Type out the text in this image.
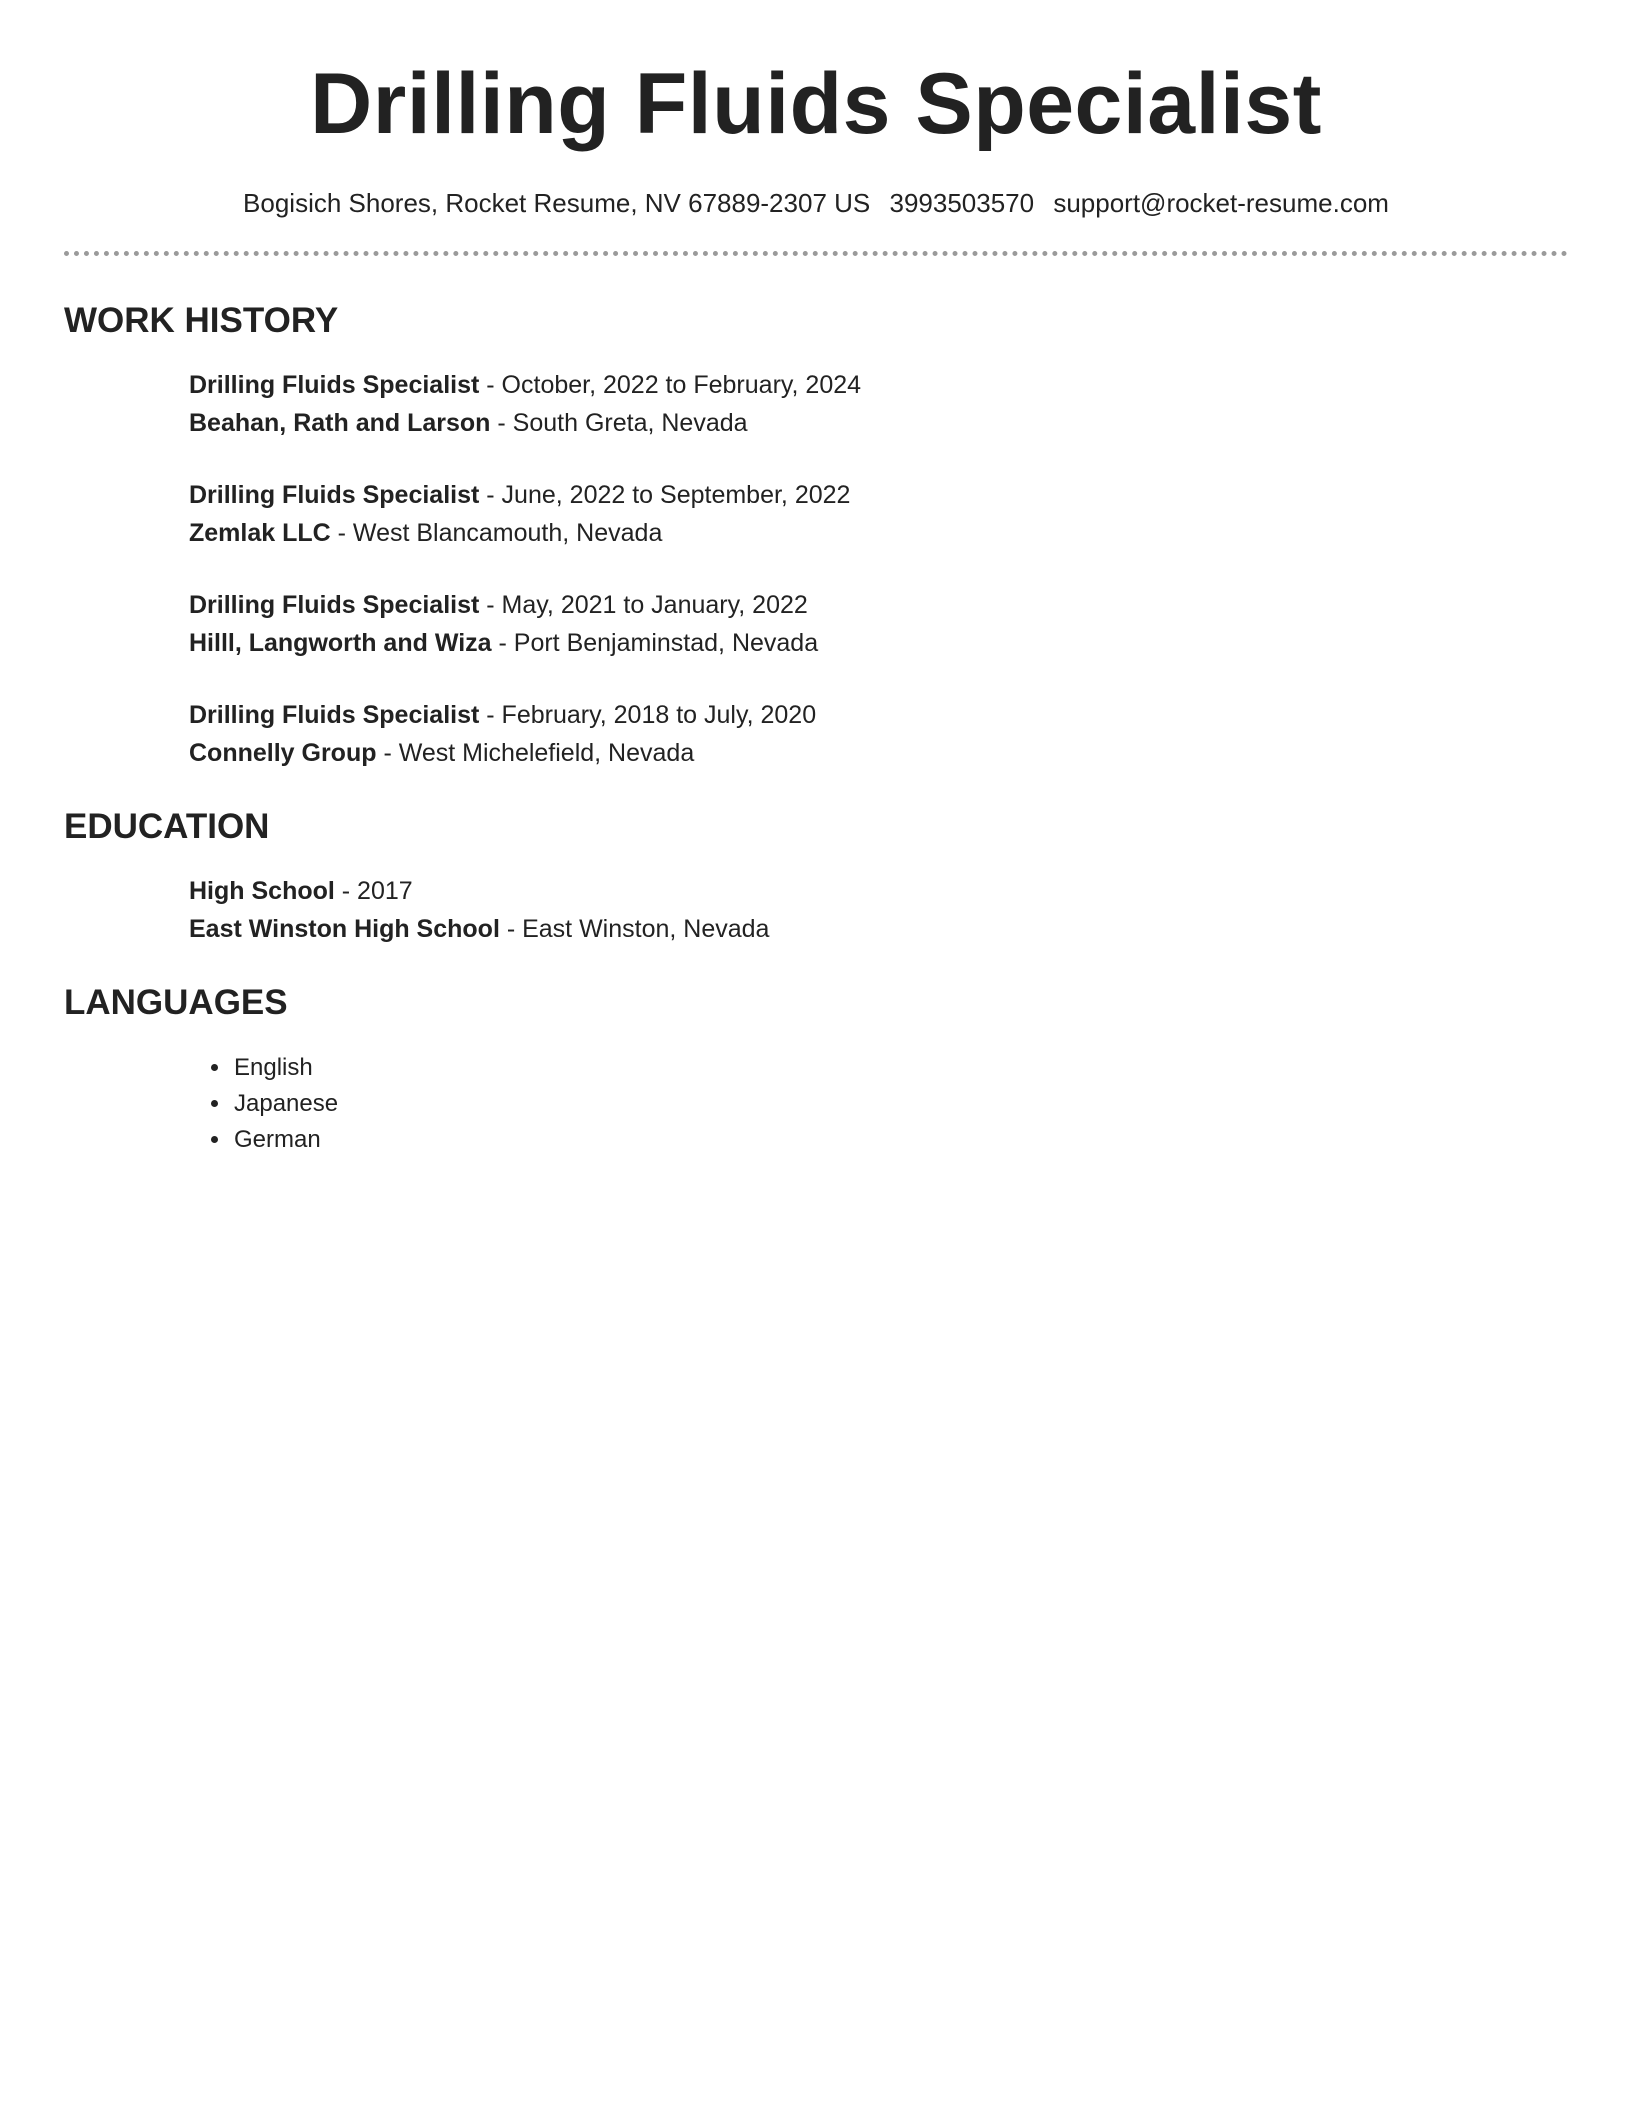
Drilling Fluids Specialist
Bogisich Shores, Rocket Resume, NV 67889-2307 US 3993503570 support@rocket-resume.com
WORK HISTORY
Drilling Fluids Specialist - October, 2022 to February, 2024
Beahan, Rath and Larson - South Greta, Nevada
Drilling Fluids Specialist - June, 2022 to September, 2022
Zemlak LLC - West Blancamouth, Nevada
Drilling Fluids Specialist - May, 2021 to January, 2022
Hilll, Langworth and Wiza - Port Benjaminstad, Nevada
Drilling Fluids Specialist - February, 2018 to July, 2020
Connelly Group - West Michelefield, Nevada
EDUCATION
High School - 2017
East Winston High School - East Winston, Nevada
LANGUAGES
• English
• Japanese
• German
